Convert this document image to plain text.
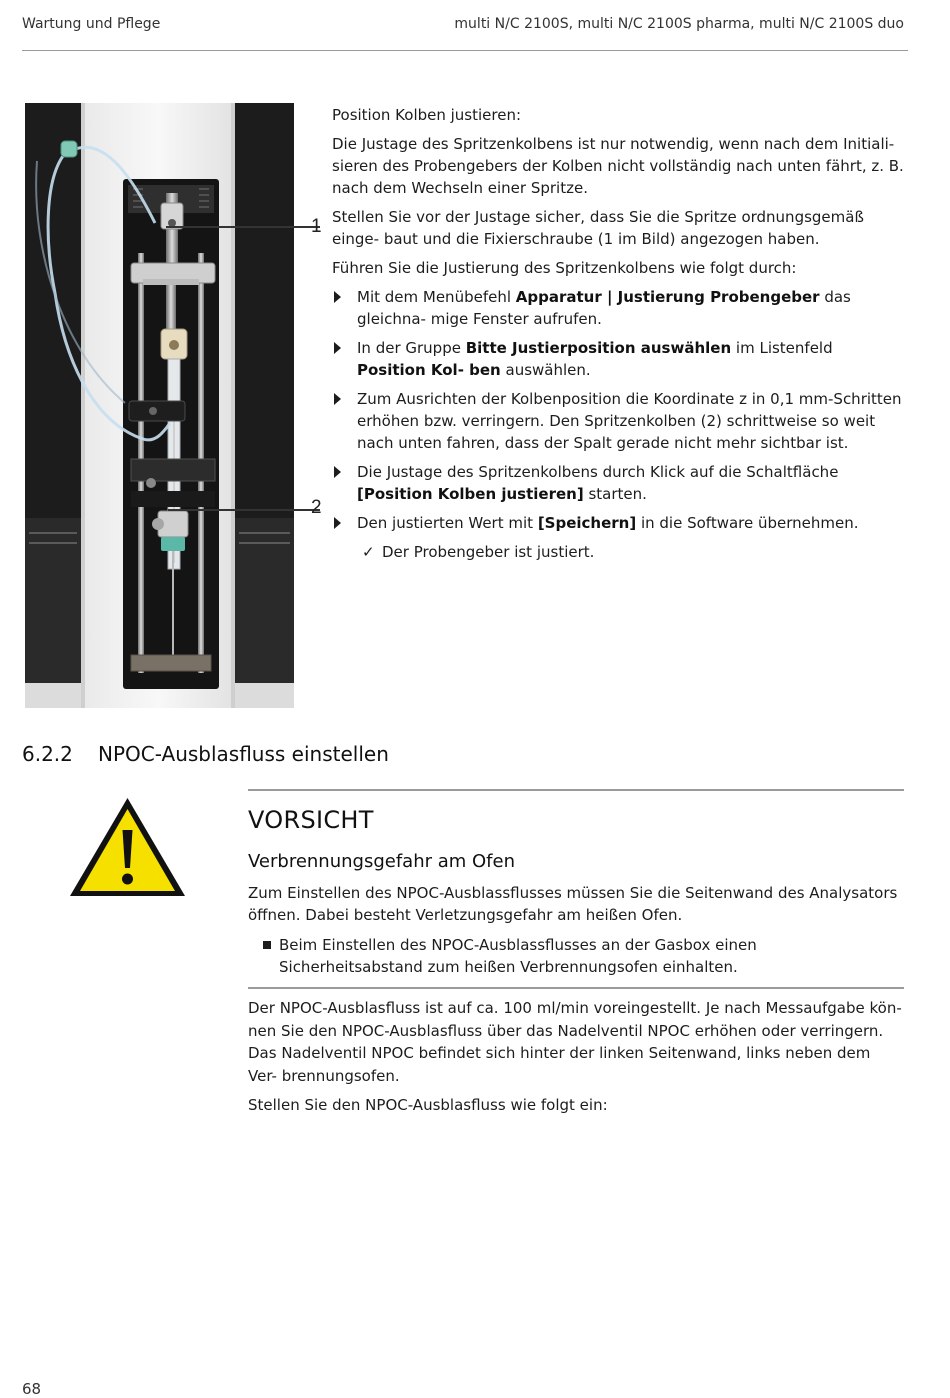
Wartung und Pflege	multi N/C 2100S, multi N/C 2100S pharma, multi N/C 2100S duo
1
2

Position Kolben justieren:

Die Justage des Spritzenkolbens ist nur notwendig, wenn nach dem Initiali- sieren des Probengebers der Kolben nicht vollständig nach unten fährt, z. B. nach dem Wechseln einer Spritze.

Stellen Sie vor der Justage sicher, dass Sie die Spritze ordnungsgemäß einge- baut und die Fixierschraube (1 im Bild) angezogen haben.

Führen Sie die Justierung des Spritzenkolbens wie folgt durch:

Mit dem Menübefehl Apparatur | Justierung Probengeber das gleichna- mige Fenster aufrufen.
In der Gruppe Bitte Justierposition auswählen im Listenfeld Position Kol- ben auswählen.
Zum Ausrichten der Kolbenposition die Koordinate z in 0,1 mm-Schritten erhöhen bzw. verringern. Den Spritzenkolben (2) schrittweise so weit nach unten fahren, dass der Spalt gerade nicht mehr sichtbar ist.
Die Justage des Spritzenkolbens durch Klick auf die Schaltfläche [Position Kolben justieren] starten.
Den justierten Wert mit [Speichern] in die Software übernehmen.
✓ Der Probengeber ist justiert.
6.2.2 NPOC-Ausblasfluss einstellen
VORSICHT
Verbrennungsgefahr am Ofen

Zum Einstellen des NPOC-Ausblassflusses müssen Sie die Seitenwand des Analysators öffnen. Dabei besteht Verletzungsgefahr am heißen Ofen.

Beim Einstellen des NPOC-Ausblassflusses an der Gasbox einen Sicherheitsabstand zum heißen Verbrennungsofen einhalten.

Der NPOC-Ausblasfluss ist auf ca. 100 ml/min voreingestellt. Je nach Messaufgabe kön- nen Sie den NPOC-Ausblasfluss über das Nadelventil NPOC erhöhen oder verringern. Das Nadelventil NPOC befindet sich hinter der linken Seitenwand, links neben dem Ver- brennungsofen.

Stellen Sie den NPOC-Ausblasfluss wie folgt ein:

68
